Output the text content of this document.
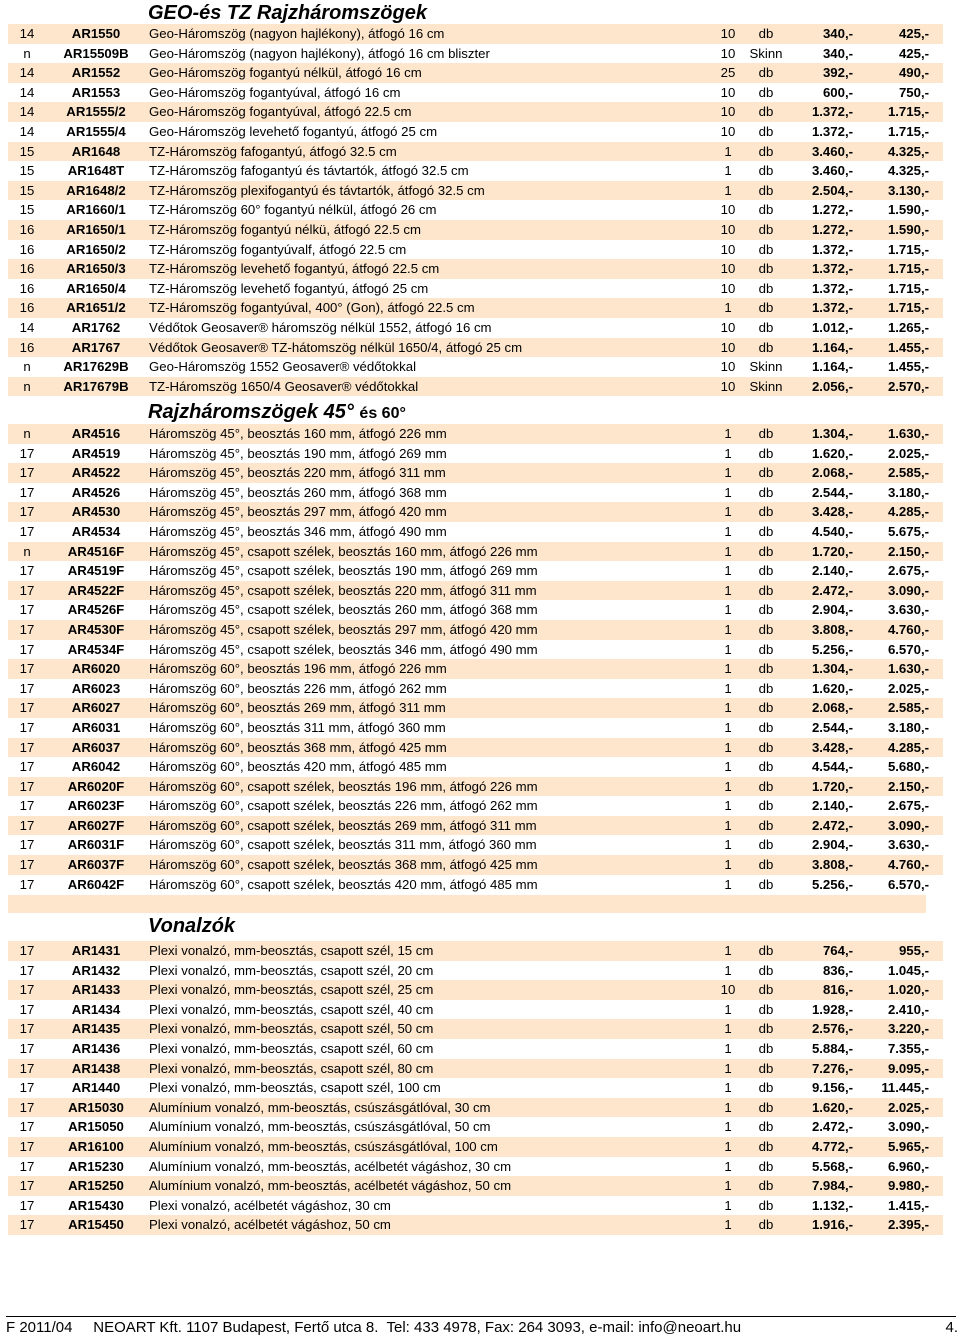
GEO-és TZ Rajzháromszögek
14	AR1550	Geo-Háromszög (nagyon hajlékony), átfogó 16 cm	10	db	340,-	425,-
n	AR15509B	Geo-Háromszög (nagyon hajlékony), átfogó 16 cm bliszter	10	Skinn	340,-	425,-
14	AR1552	Geo-Háromszög fogantyú nélkül, átfogó 16 cm	25	db	392,-	490,-
14	AR1553	Geo-Háromszög fogantyúval, átfogó 16 cm	10	db	600,-	750,-
14	AR1555/2	Geo-Háromszög fogantyúval, átfogó 22.5 cm	10	db	1.372,-	1.715,-
14	AR1555/4	Geo-Háromszög levehető fogantyú, átfogó 25 cm	10	db	1.372,-	1.715,-
15	AR1648	TZ-Háromszög fafogantyú, átfogó 32.5 cm	1	db	3.460,-	4.325,-
15	AR1648T	TZ-Háromszög fafogantyú és távtartók, átfogó 32.5 cm	1	db	3.460,-	4.325,-
15	AR1648/2	TZ-Háromszög plexifogantyú és távtartók, átfogó 32.5 cm	1	db	2.504,-	3.130,-
15	AR1660/1	TZ-Háromszög 60° fogantyú nélkül, átfogó 26 cm	10	db	1.272,-	1.590,-
16	AR1650/1	TZ-Háromszög fogantyú nélkü, átfogó 22.5 cm	10	db	1.272,-	1.590,-
16	AR1650/2	TZ-Háromszög fogantyúvalf, átfogó 22.5 cm	10	db	1.372,-	1.715,-
16	AR1650/3	TZ-Háromszög levehető fogantyú, átfogó 22.5 cm	10	db	1.372,-	1.715,-
16	AR1650/4	TZ-Háromszög levehető fogantyú, átfogó 25 cm	10	db	1.372,-	1.715,-
16	AR1651/2	TZ-Háromszög fogantyúval, 400° (Gon), átfogó 22.5 cm	1	db	1.372,-	1.715,-
14	AR1762	Védőtok Geosaver® háromszög nélkül 1552, átfogó 16 cm	10	db	1.012,-	1.265,-
16	AR1767	Védőtok Geosaver® TZ-hátomszög nélkül 1650/4, átfogó 25 cm	10	db	1.164,-	1.455,-
n	AR17629B	Geo-Háromszög 1552 Geosaver® védőtokkal	10	Skinn	1.164,-	1.455,-
n	AR17679B	TZ-Háromszög 1650/4 Geosaver® védőtokkal	10	Skinn	2.056,-	2.570,-
Rajzháromszögek 45° és 60°
n	AR4516	Háromszög 45°, beosztás 160 mm, átfogó 226 mm	1	db	1.304,-	1.630,-
17	AR4519	Háromszög 45°, beosztás 190 mm, átfogó 269 mm	1	db	1.620,-	2.025,-
17	AR4522	Háromszög 45°, beosztás 220 mm, átfogó 311 mm	1	db	2.068,-	2.585,-
17	AR4526	Háromszög 45°, beosztás 260 mm, átfogó 368 mm	1	db	2.544,-	3.180,-
17	AR4530	Háromszög 45°, beosztás 297 mm, átfogó 420 mm	1	db	3.428,-	4.285,-
17	AR4534	Háromszög 45°, beosztás 346 mm, átfogó 490 mm	1	db	4.540,-	5.675,-
n	AR4516F	Háromszög 45°, csapott szélek, beosztás 160 mm, átfogó 226 mm	1	db	1.720,-	2.150,-
17	AR4519F	Háromszög 45°, csapott szélek, beosztás 190 mm, átfogó 269 mm	1	db	2.140,-	2.675,-
17	AR4522F	Háromszög 45°, csapott szélek, beosztás 220 mm, átfogó 311 mm	1	db	2.472,-	3.090,-
17	AR4526F	Háromszög 45°, csapott szélek, beosztás 260 mm, átfogó 368 mm	1	db	2.904,-	3.630,-
17	AR4530F	Háromszög 45°, csapott szélek, beosztás 297 mm, átfogó 420 mm	1	db	3.808,-	4.760,-
17	AR4534F	Háromszög 45°, csapott szélek, beosztás 346 mm, átfogó 490 mm	1	db	5.256,-	6.570,-
17	AR6020	Háromszög 60°, beosztás 196 mm, átfogó 226 mm	1	db	1.304,-	1.630,-
17	AR6023	Háromszög 60°, beosztás 226 mm, átfogó 262 mm	1	db	1.620,-	2.025,-
17	AR6027	Háromszög 60°, beosztás 269 mm, átfogó 311 mm	1	db	2.068,-	2.585,-
17	AR6031	Háromszög 60°, beosztás 311 mm, átfogó 360 mm	1	db	2.544,-	3.180,-
17	AR6037	Háromszög 60°, beosztás 368 mm, átfogó 425 mm	1	db	3.428,-	4.285,-
17	AR6042	Háromszög 60°, beosztás 420 mm, átfogó 485 mm	1	db	4.544,-	5.680,-
17	AR6020F	Háromszög 60°, csapott szélek, beosztás 196 mm, átfogó 226 mm	1	db	1.720,-	2.150,-
17	AR6023F	Háromszög 60°, csapott szélek, beosztás 226 mm, átfogó 262 mm	1	db	2.140,-	2.675,-
17	AR6027F	Háromszög 60°, csapott szélek, beosztás 269 mm, átfogó 311 mm	1	db	2.472,-	3.090,-
17	AR6031F	Háromszög 60°, csapott szélek, beosztás 311 mm, átfogó 360 mm	1	db	2.904,-	3.630,-
17	AR6037F	Háromszög 60°, csapott szélek, beosztás 368 mm, átfogó 425 mm	1	db	3.808,-	4.760,-
17	AR6042F	Háromszög 60°, csapott szélek, beosztás 420 mm, átfogó 485 mm	1	db	5.256,-	6.570,-
Vonalzók
17	AR1431	Plexi vonalzó, mm-beosztás, csapott szél, 15 cm	1	db	764,-	955,-
17	AR1432	Plexi vonalzó, mm-beosztás, csapott szél, 20 cm	1	db	836,-	1.045,-
17	AR1433	Plexi vonalzó, mm-beosztás, csapott szél, 25 cm	10	db	816,-	1.020,-
17	AR1434	Plexi vonalzó, mm-beosztás, csapott szél, 40 cm	1	db	1.928,-	2.410,-
17	AR1435	Plexi vonalzó, mm-beosztás, csapott szél, 50 cm	1	db	2.576,-	3.220,-
17	AR1436	Plexi vonalzó, mm-beosztás, csapott szél, 60 cm	1	db	5.884,-	7.355,-
17	AR1438	Plexi vonalzó, mm-beosztás, csapott szél, 80 cm	1	db	7.276,-	9.095,-
17	AR1440	Plexi vonalzó, mm-beosztás, csapott szél, 100 cm	1	db	9.156,-	11.445,-
17	AR15030	Alumínium vonalzó, mm-beosztás, csúszásgátlóval, 30 cm	1	db	1.620,-	2.025,-
17	AR15050	Alumínium vonalzó, mm-beosztás, csúszásgátlóval, 50 cm	1	db	2.472,-	3.090,-
17	AR16100	Alumínium vonalzó, mm-beosztás, csúszásgátlóval, 100 cm	1	db	4.772,-	5.965,-
17	AR15230	Alumínium vonalzó, mm-beosztás, acélbetét vágáshoz, 30 cm	1	db	5.568,-	6.960,-
17	AR15250	Alumínium vonalzó, mm-beosztás, acélbetét vágáshoz, 50 cm	1	db	7.984,-	9.980,-
17	AR15430	Plexi vonalzó, acélbetét vágáshoz, 30 cm	1	db	1.132,-	1.415,-
17	AR15450	Plexi vonalzó, acélbetét vágáshoz, 50 cm	1	db	1.916,-	2.395,-
F 2011/04     NEOART Kft. 1107 Budapest, Fertő utca 8.  Tel: 433 4978, Fax: 264 3093, e-mail: info@neoart.hu	4.
